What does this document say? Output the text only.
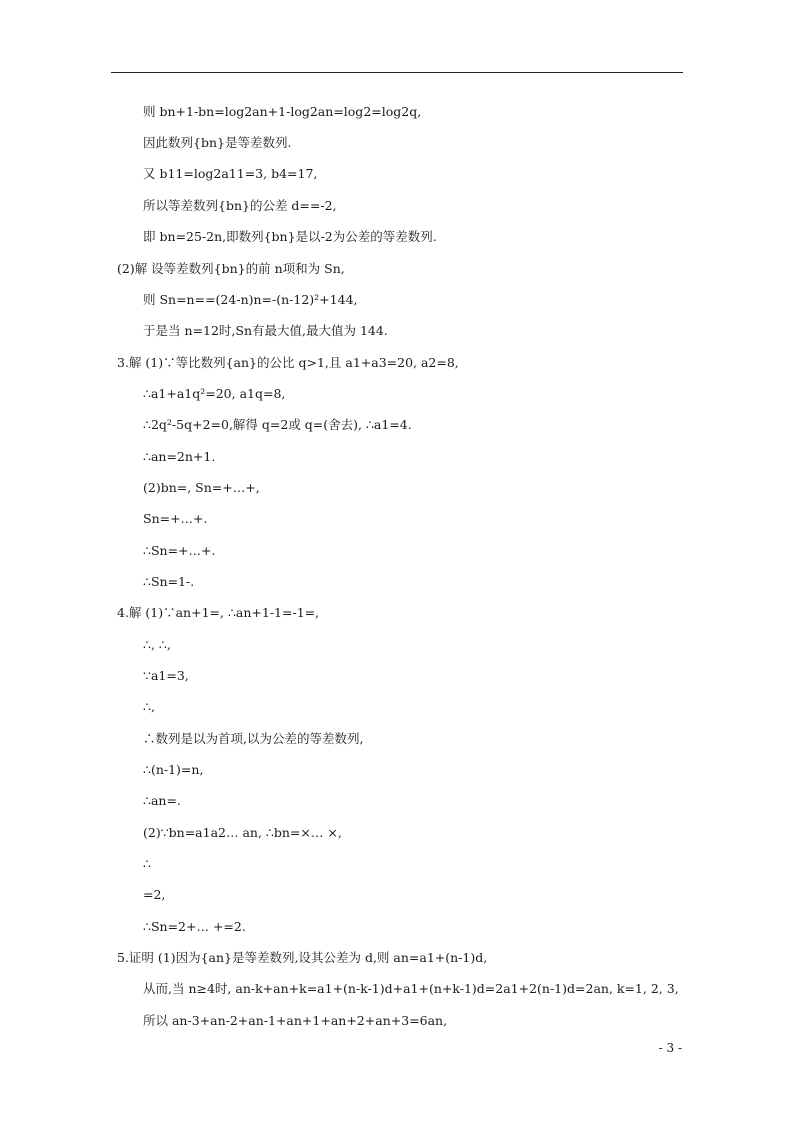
则 bn+1-bn=log2an+1-log2an=log2=log2q,
因此数列{bn}是等差数列.
又 b11=log2a11=3, b4=17,
所以等差数列{bn}的公差 d==-2,
即 bn=25-2n,即数列{bn}是以-2为公差的等差数列.
(2)解 设等差数列{bn}的前 n项和为 Sn,
则 Sn=n==(24-n)n=-(n-12)²+144,
于是当 n=12时,Sn有最大值,最大值为 144.
3.解 (1)∵等比数列{an}的公比 q>1,且 a1+a3=20, a2=8,
∴a1+a1q²=20, a1q=8,
∴2q²-5q+2=0,解得 q=2或 q=(舍去), ∴a1=4.
∴an=2n+1.
(2)bn=, Sn=+…+,
Sn=+…+.
∴Sn=+…+.
∴Sn=1-.
4.解 (1)∵an+1=, ∴an+1-1=-1=,
∴, ∴,
∵a1=3,
∴,
∴数列是以为首项,以为公差的等差数列,
∴(n-1)=n,
∴an=.
(2)∵bn=a1a2… an, ∴bn=×… ×,
∴
=2,
∴Sn=2+… +=2.
5.证明 (1)因为{an}是等差数列,设其公差为 d,则 an=a1+(n-1)d,
从而,当 n≥4时, an-k+an+k=a1+(n-k-1)d+a1+(n+k-1)d=2a1+2(n-1)d=2an, k=1, 2, 3,
所以 an-3+an-2+an-1+an+1+an+2+an+3=6an,
- 3 -
